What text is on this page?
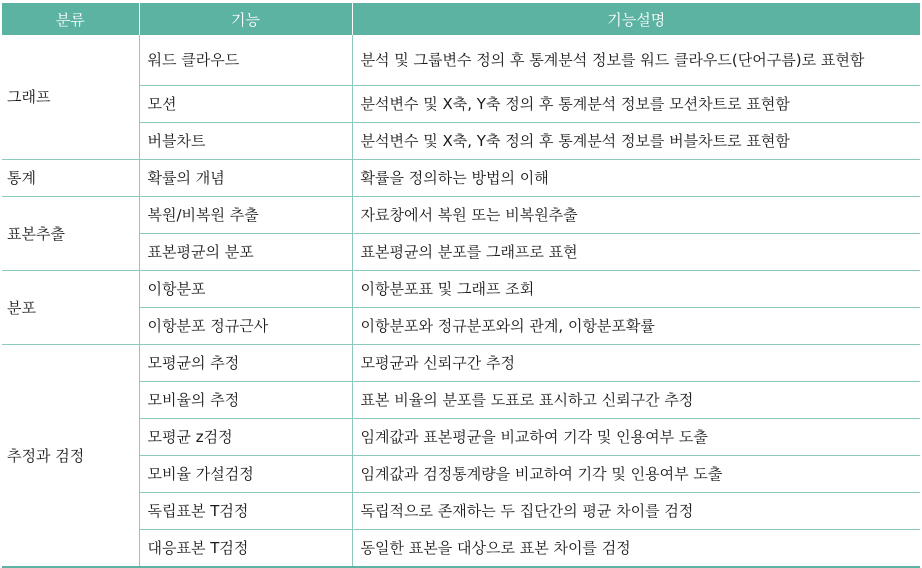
분류	기능	기능설명
그래프	워드 클라우드	분석 및 그룹변수 정의 후 통계분석 정보를 워드 클라우드(단어구름)로 표현함
	모션	분석변수 및 X축, Y축 정의 후 통계분석 정보를 모션차트로 표현함
	버블차트	분석변수 및 X축, Y축 정의 후 통계분석 정보를 버블차트로 표현함
통계	확률의 개념	확률을 정의하는 방법의 이해
표본추출	복원/비복원 추출	자료창에서 복원 또는 비복원추출
	표본평균의 분포	표본평균의 분포를 그래프로 표현
분포	이항분포	이항분포표 및 그래프 조회
	이항분포 정규근사	이항분포와 정규분포와의 관계, 이항분포확률
추정과 검정	모평균의 추정	모평균과 신뢰구간 추정
	모비율의 추정	표본 비율의 분포를 도표로 표시하고 신뢰구간 추정
	모평균 z검정	임계값과 표본평균을 비교하여 기각 및 인용여부 도출
	모비율 가설검정	임계값과 검정통계량을 비교하여 기각 및 인용여부 도출
	독립표본 T검정	독립적으로 존재하는 두 집단간의 평균 차이를 검정
	대응표본 T검정	동일한 표본을 대상으로 표본 차이를 검정
